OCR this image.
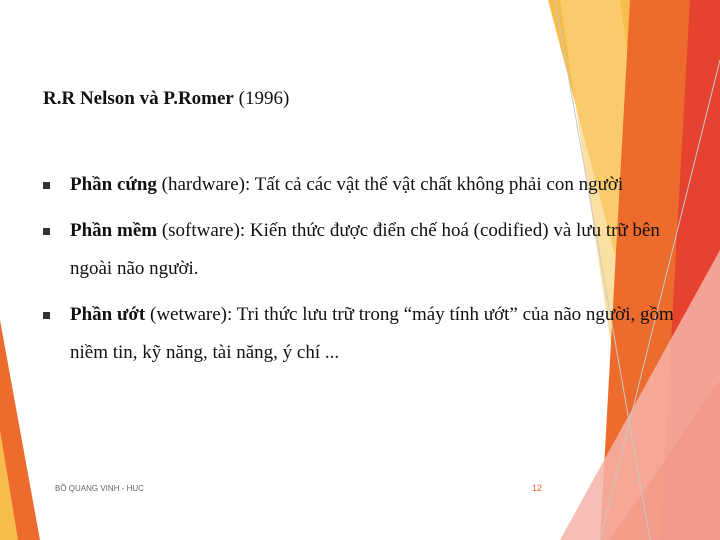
R.R Nelson và P.Romer (1996)
Phần cứng (hardware): Tất cả các vật thể vật chất không phải con người
Phần mềm (software): Kiến thức được điển chế hoá (codified) và lưu trữ bên ngoài não người.
Phần ướt (wetware): Tri thức lưu trữ trong “máy tính ướt” của não người, gồm niềm tin, kỹ năng, tài năng, ý chí ...
BỒ QUANG VINH - HUC	12
